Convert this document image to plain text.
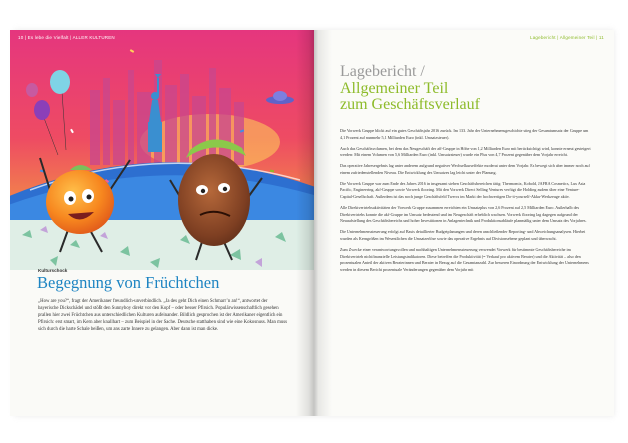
10 | Es lebe die Vielfalt | ALLER KULTUREN
Kulturschock
Begegnung von Früchtchen

„How are you?“, fragt der Amerikaner freundlich-unverbindlich. „Ja des geht Dich einen Schmarr’n an!“, antwortet der bayerische Dickschädel und stößt den Sunnyboy direkt vor den Kopf – oder besser Pfirsich. Populärwissenschaftlich gesehen prallen hier zwei Früchtchen aus unterschiedlichen Kulturen aufeinander. Bildlich gesprochen ist der Amerikaner eigentlich ein Pfirsich: erst smart, im Kern aber knallhart – zum Beispiel in der Sache. Deutsche statthaben sind wie eine Kokosnuss. Man muss sich durch die harte Schale beißen, um ans zarte Innere zu gelangen. Aber dann ist man dicke.

Lagebericht | Allgemeiner Teil | 11
Lagebericht /
Allgemeiner Teil
zum Geschäftsverlauf

Die Vorwerk Gruppe blickt auf ein gutes Geschäftsjahr 2016 zurück. Im 133. Jahr der Unternehmensgeschichte stieg der Gesamtumsatz der Gruppe um 4,1 Prozent auf nunmehr 5,1 Milliarden Euro (inkl. Umsatzsteuer).

Auch das Geschäftsvolumen, bei dem das Neugeschäft der aff-Gruppe in Höhe von 1,2 Milliarden Euro mit berücksichtigt wird, konnte erneut gesteigert werden: Mit einem Volumen von 5,6 Milliarden Euro (inkl. Umsatzsteuer) wurde ein Plus von 4,7 Prozent gegenüber dem Vorjahr erreicht.

Das operative Jahresergebnis lag unter anderem aufgrund negativer Wechselkurseffekte moderat unter dem Vorjahr. Es bewegt sich aber immer noch auf einem zufriedenstellenden Niveau. Die Entwicklung des Umsatzes lag leicht unter der Planung.

Die Vorwerk Gruppe war zum Ende des Jahres 2016 in insgesamt sieben Geschäftsbereichen tätig: Thermomix, Kobold, JAFRA Cosmetics, Lux Asia Pacific, Engineering, akf-Gruppe sowie Vorwerk flooring. Mit den Vorwerk Direct Selling Ventures verfügt die Holding zudem über eine Venture-Capital-Gesellschaft. Außerdem ist das noch junge Geschäftsfeld Twercs im Markt der hochwertigen Do-it-yourself-Akku-Werkzeuge aktiv.

Alle Direktvertriebsaktivitäten der Vorwerk Gruppe zusammen erreichten ein Umsatzplus von 2,6 Prozent auf 2,5 Milliarden Euro. Außerhalb des Direktvertriebs konnte die akf-Gruppe im Umsatz bedeutend und im Neugeschäft erheblich wachsen. Vorwerk flooring lag dagegen aufgrund der Neuaufstellung des Geschäftsbereichs und hoher Investitionen in Anlagentechnik und Produktionsabläufe planmäßig unter dem Umsatz des Vorjahres.

Die Unternehmenssteuerung erfolgt auf Basis detaillierter Budgetplanungen und deren anschließender Reporting- und Abweichungsanalysen. Hierbei wurden als Kerngrößen im Wesentlichen die Umsatzerlöse sowie das operative Ergebnis auf Divisionsebene geplant und überwacht.

Zum Zwecke einer verantwortungsvollen und nachhaltigen Unternehmenssteuerung verwendet Vorwerk für bestimmte Geschäftsbereiche im Direktvertrieb nichtfinanzielle Leistungsindikatoren. Diese betreffen die Produktivität (= Verkauf pro aktivem Berater) und die Aktivität – also den prozentualen Anteil der aktiven Beraterinnen und Berater in Bezug auf die Gesamtanzahl. Zur besseren Einordnung der Entwicklung der Unternehmens werden in diesem Bericht prozentuale Veränderungen gegenüber dem Vorjahr mit
